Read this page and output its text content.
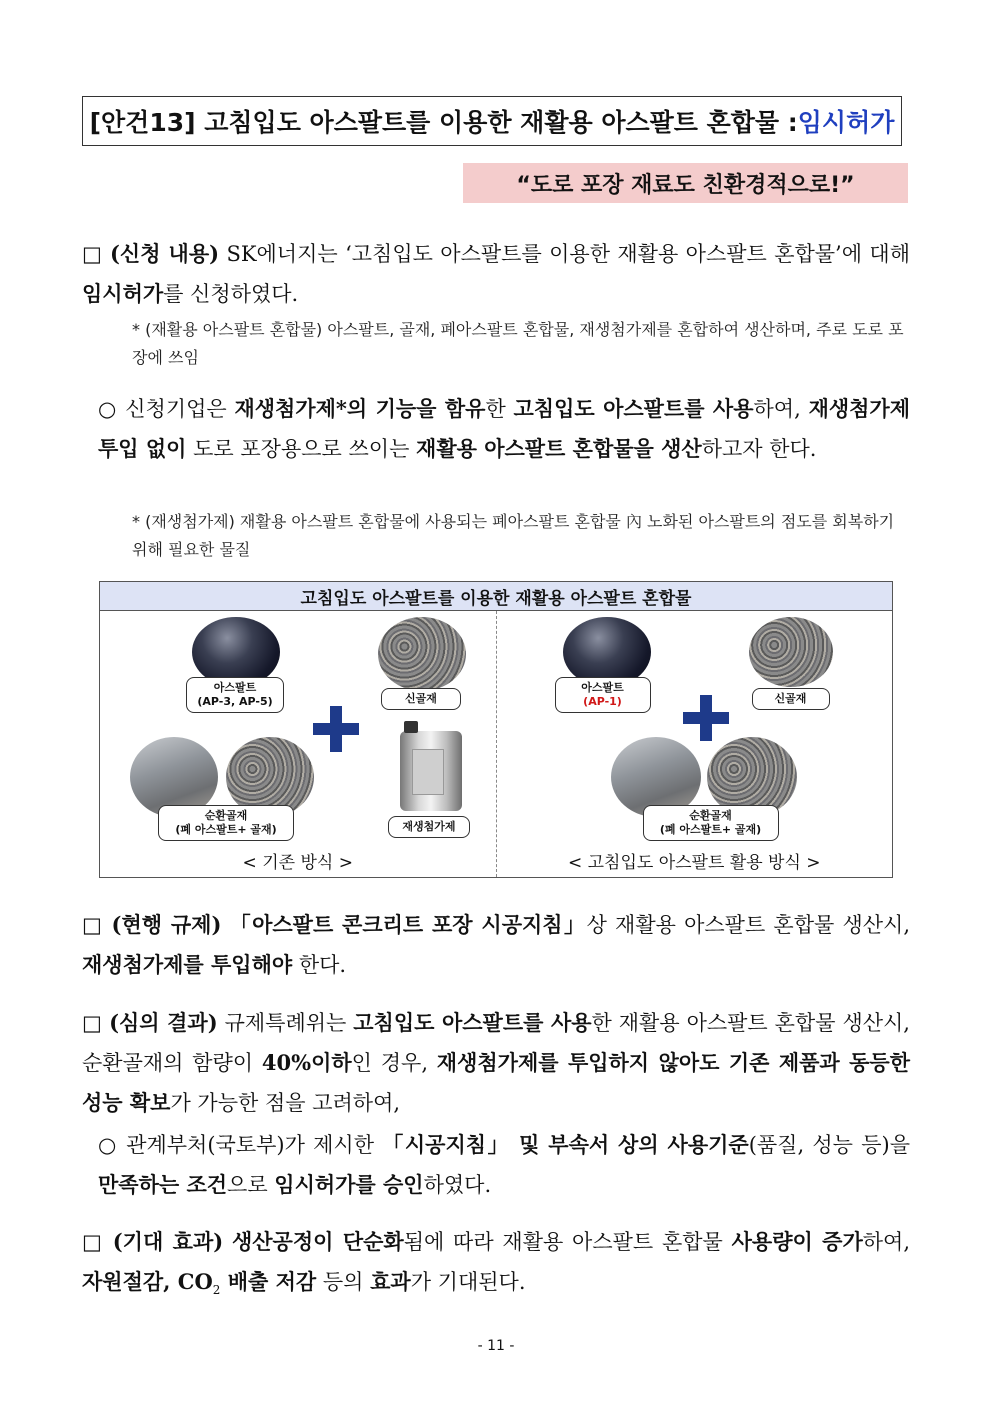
[안건13] 고침입도 아스팔트를 이용한 재활용 아스팔트 혼합물 : 임시허가
“도로 포장 재료도 친환경적으로!”
□ (신청 내용) SK에너지는 ‘고침입도 아스팔트를 이용한 재활용 아스팔트 혼합물’에 대해 임시허가를 신청하였다.
* (재활용 아스팔트 혼합물) 아스팔트, 골재, 폐아스팔트 혼합물, 재생첨가제를 혼합하여 생산하며, 주로 도로 포장에 쓰임
○ 신청기업은 재생첨가제*의 기능을 함유한 고침입도 아스팔트를 사용하여, 재생첨가제 투입 없이 도로 포장용으로 쓰이는 재활용 아스팔트 혼합물을 생산하고자 한다.
* (재생첨가제) 재활용 아스팔트 혼합물에 사용되는 폐아스팔트 혼합물 內 노화된 아스팔트의 점도를 회복하기 위해 필요한 물질
고침입도 아스팔트를 이용한 재활용 아스팔트 혼합물
아스팔트
(AP-3, AP-5)	신골재
순환골재
(폐 아스팔트+ 골재)	재생첨가제
< 기존 방식 >
아스팔트
(AP-1)	신골재
순환골재
(폐 아스팔트+ 골재)
< 고침입도 아스팔트 활용 방식 >
□ (현행 규제) 「아스팔트 콘크리트 포장 시공지침」상 재활용 아스팔트 혼합물 생산시, 재생첨가제를 투입해야 한다.
□ (심의 결과) 규제특례위는 고침입도 아스팔트를 사용한 재활용 아스팔트 혼합물 생산시, 순환골재의 함량이 40%이하인 경우, 재생첨가제를 투입하지 않아도 기존 제품과 동등한 성능 확보가 가능한 점을 고려하여,
○ 관계부처(국토부)가 제시한 「시공지침」 및 부속서 상의 사용기준(품질, 성능 등)을 만족하는 조건으로 임시허가를 승인하였다.
□ (기대 효과) 생산공정이 단순화됨에 따라 재활용 아스팔트 혼합물 사용량이 증가하여, 자원절감, $CO_2$ 배출 저감 등의 효과가 기대된다.
- 11 -
